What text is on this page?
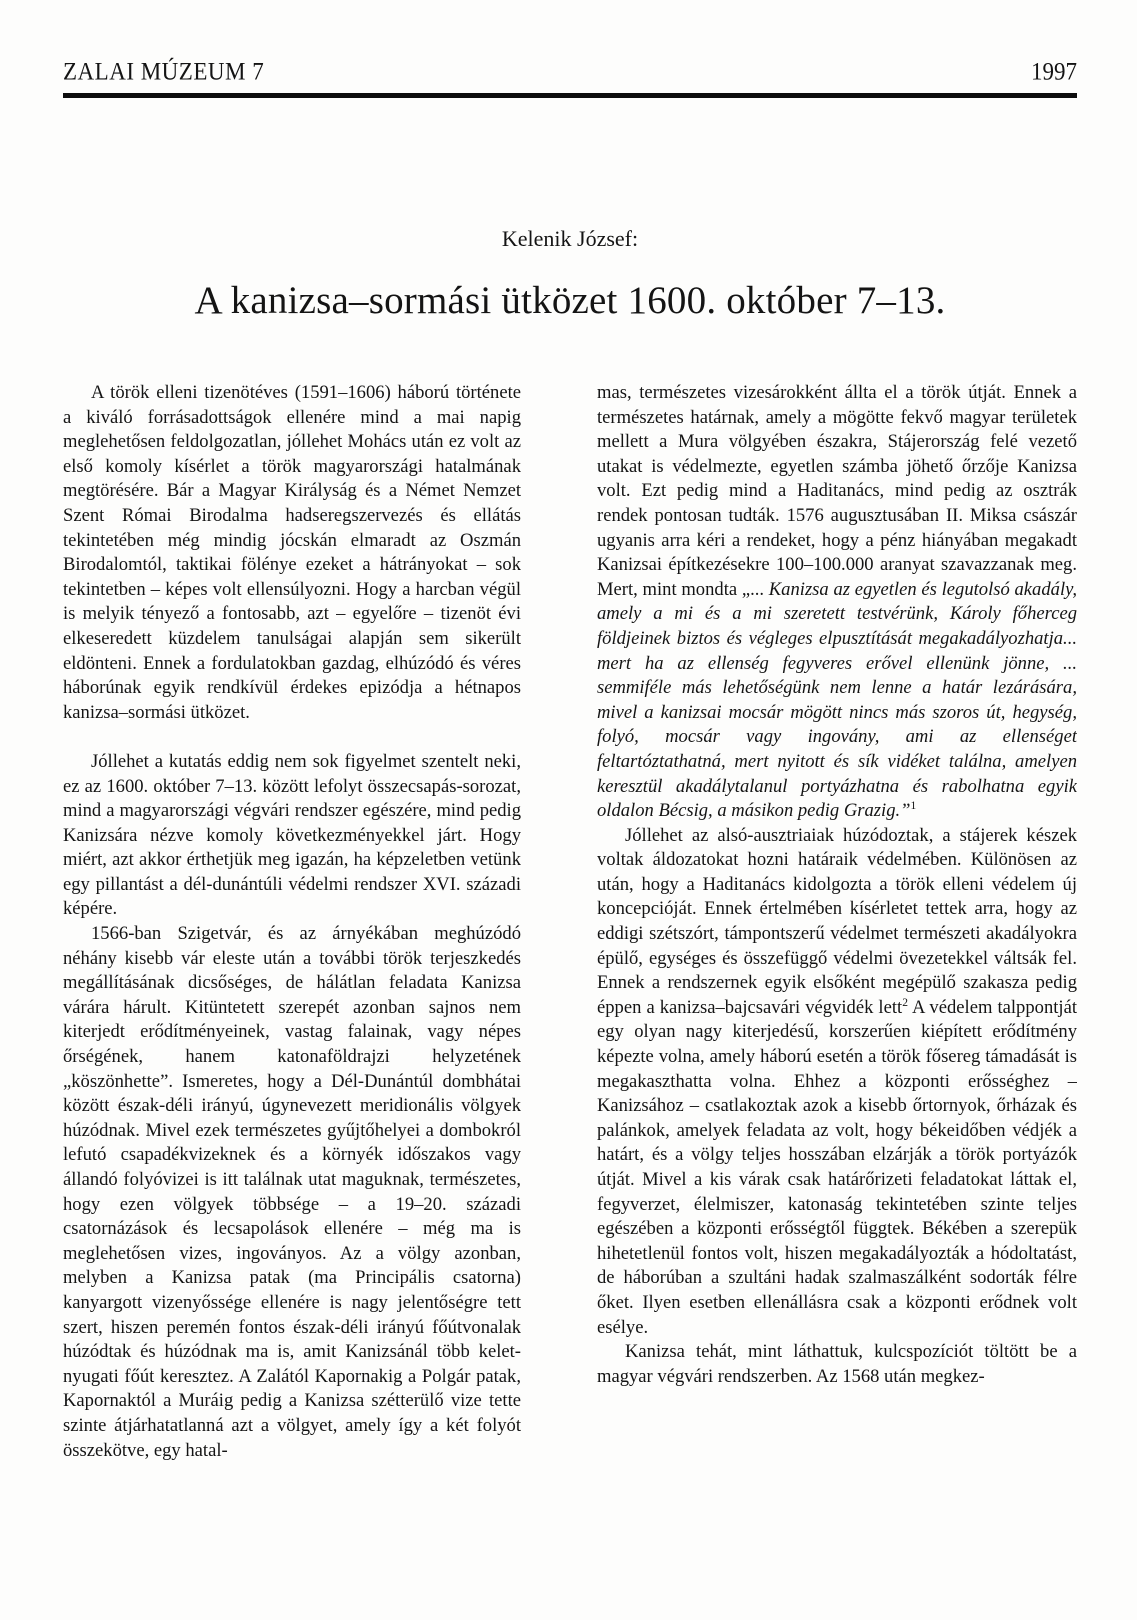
ZALAI MÚZEUM 7	1997
Kelenik József:
A kanizsa–sormási ütközet 1600. október 7–13.

A török elleni tizenötéves (1591–1606) háború története a kiváló forrásadottságok ellenére mind a mai napig meglehetősen feldolgozatlan, jóllehet Mohács után ez volt az első komoly kísérlet a török magyarországi hatalmának megtörésére. Bár a Magyar Királyság és a Német Nemzet Szent Római Birodalma hadseregszervezés és ellátás tekintetében még mindig jócskán elmaradt az Oszmán Birodalomtól, taktikai fölénye ezeket a hátrányokat – sok tekintetben – képes volt ellensúlyozni. Hogy a harcban végül is melyik tényező a fontosabb, azt – egyelőre – tizenöt évi elkeseredett küzdelem tanulságai alapján sem sikerült eldönteni. Ennek a fordulatokban gazdag, elhúzódó és véres háborúnak egyik rendkívül érdekes epizódja a hétnapos kanizsa–sormási ütközet.

Jóllehet a kutatás eddig nem sok figyelmet szentelt neki, ez az 1600. október 7–13. között lefolyt összecsapás-sorozat, mind a magyarországi végvári rendszer egészére, mind pedig Kanizsára nézve komoly következményekkel járt. Hogy miért, azt akkor érthetjük meg igazán, ha képzeletben vetünk egy pillantást a dél-dunántúli védelmi rendszer XVI. századi képére.

1566-ban Szigetvár, és az árnyékában meghúzódó néhány kisebb vár eleste után a további török terjeszkedés megállításának dicsőséges, de hálátlan feladata Kanizsa várára hárult. Kitüntetett szerepét azonban sajnos nem kiterjedt erődítményeinek, vastag falainak, vagy népes őrségének, hanem katonaföldrajzi helyzetének „köszönhette”. Ismeretes, hogy a Dél-Dunántúl dombhátai között észak-déli irányú, úgynevezett meridionális völgyek húzódnak. Mivel ezek természetes gyűjtőhelyei a dombokról lefutó csapadékvizeknek és a környék időszakos vagy állandó folyóvizei is itt találnak utat maguknak, természetes, hogy ezen völgyek többsége – a 19–20. századi csatornázások és lecsapolások ellenére – még ma is meglehetősen vizes, ingoványos. Az a völgy azonban, melyben a Kanizsa patak (ma Principális csatorna) kanyargott vizenyőssége ellenére is nagy jelentőségre tett szert, hiszen peremén fontos észak-déli irányú főútvonalak húzódtak és húzódnak ma is, amit Kanizsánál több kelet-nyugati főút keresztez. A Zalától Kapornakig a Polgár patak, Kapornaktól a Muráig pedig a Kanizsa szétterülő vize tette szinte átjárhatatlanná azt a völgyet, amely így a két folyót összekötve, egy hatal-

mas, természetes vizesárokként állta el a török útját. Ennek a természetes határnak, amely a mögötte fekvő magyar területek mellett a Mura völgyében északra, Stájerország felé vezető utakat is védelmezte, egyetlen számba jöhető őrzője Kanizsa volt. Ezt pedig mind a Haditanács, mind pedig az osztrák rendek pontosan tudták. 1576 augusztusában II. Miksa császár ugyanis arra kéri a rendeket, hogy a pénz hiányában megakadt Kanizsai építkezésekre 100–100.000 aranyat szavazzanak meg. Mert, mint mondta „... Kanizsa az egyetlen és legutolsó akadály, amely a mi és a mi szeretett testvérünk, Károly főherceg földjeinek biztos és végleges elpusztítását megakadályozhatja... mert ha az ellenség fegyveres erővel ellenünk jönne, ... semmiféle más lehetőségünk nem lenne a határ lezárására, mivel a kanizsai mocsár mögött nincs más szoros út, hegység, folyó, mocsár vagy ingovány, ami az ellenséget feltartóztathatná, mert nyitott és sík vidéket találna, amelyen keresztül akadálytalanul portyázhatna és rabolhatna egyik oldalon Bécsig, a másikon pedig Grazig.”$^1$

Jóllehet az alsó-ausztriaiak húzódoztak, a stájerek készek voltak áldozatokat hozni határaik védelmében. Különösen az után, hogy a Haditanács kidolgozta a török elleni védelem új koncepcióját. Ennek értelmében kísérletet tettek arra, hogy az eddigi szétszórt, támpontszerű védelmet természeti akadályokra épülő, egységes és összefüggő védelmi övezetekkel váltsák fel. Ennek a rendszernek egyik elsőként megépülő szakasza pedig éppen a kanizsa–bajcsavári végvidék lett$^2$ A védelem talppontját egy olyan nagy kiterjedésű, korszerűen kiépített erődítmény képezte volna, amely háború esetén a török fősereg támadását is megakaszthatta volna. Ehhez a központi erősséghez – Kanizsához – csatlakoztak azok a kisebb őrtornyok, őrházak és palánkok, amelyek feladata az volt, hogy békeidőben védjék a határt, és a völgy teljes hosszában elzárják a török portyázók útját. Mivel a kis várak csak határőrizeti feladatokat láttak el, fegyverzet, élelmiszer, katonaság tekintetében szinte teljes egészében a központi erősségtől függtek. Békében a szerepük hihetetlenül fontos volt, hiszen megakadályozták a hódoltatást, de háborúban a szultáni hadak szalmaszálként sodorták félre őket. Ilyen esetben ellenállásra csak a központi erődnek volt esélye.

Kanizsa tehát, mint láthattuk, kulcspozíciót töltött be a magyar végvári rendszerben. Az 1568 után megkez-
